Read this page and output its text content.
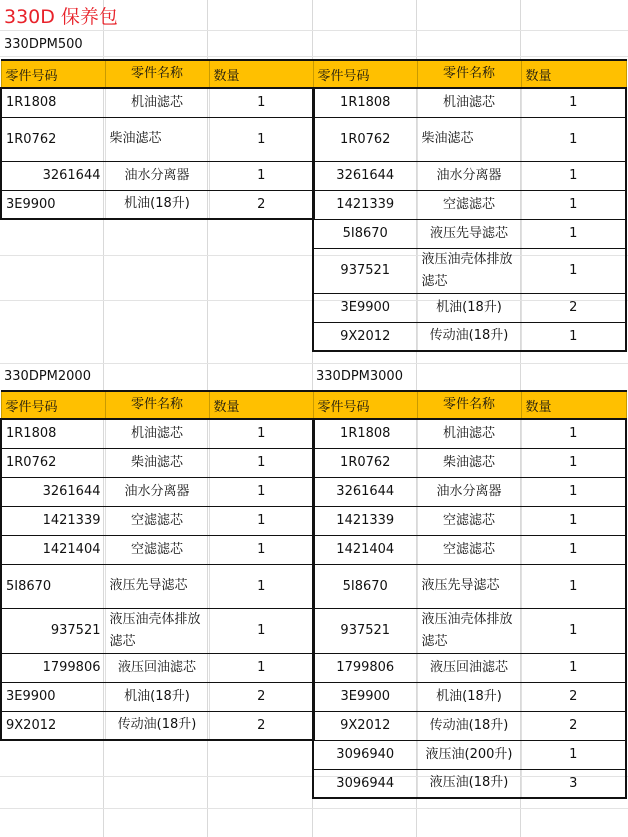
330D 保养包
330DPM500
330DPM2000	330DPM3000
零件号码	零件名称	数量
1R1808	机油滤芯	1
1R0762	柴油滤芯	1
3261644	油水分离器	1
3E9900	机油(18升)	2
零件号码	零件名称	数量
1R1808	机油滤芯	1
1R0762	柴油滤芯	1
3261644	油水分离器	1
1421339	空滤滤芯	1
5I8670	液压先导滤芯	1
937521	液压油壳体排放滤芯	1
3E9900	机油(18升)	2
9X2012	传动油(18升)	1
零件号码	零件名称	数量
1R1808	机油滤芯	1
1R0762	柴油滤芯	1
3261644	油水分离器	1
1421339	空滤滤芯	1
1421404	空滤滤芯	1
5I8670	液压先导滤芯	1
937521	液压油壳体排放滤芯	1
1799806	液压回油滤芯	1
3E9900	机油(18升)	2
9X2012	传动油(18升)	2
零件号码	零件名称	数量
1R1808	机油滤芯	1
1R0762	柴油滤芯	1
3261644	油水分离器	1
1421339	空滤滤芯	1
1421404	空滤滤芯	1
5I8670	液压先导滤芯	1
937521	液压油壳体排放滤芯	1
1799806	液压回油滤芯	1
3E9900	机油(18升)	2
9X2012	传动油(18升)	2
3096940	液压油(200升)	1
3096944	液压油(18升)	3
